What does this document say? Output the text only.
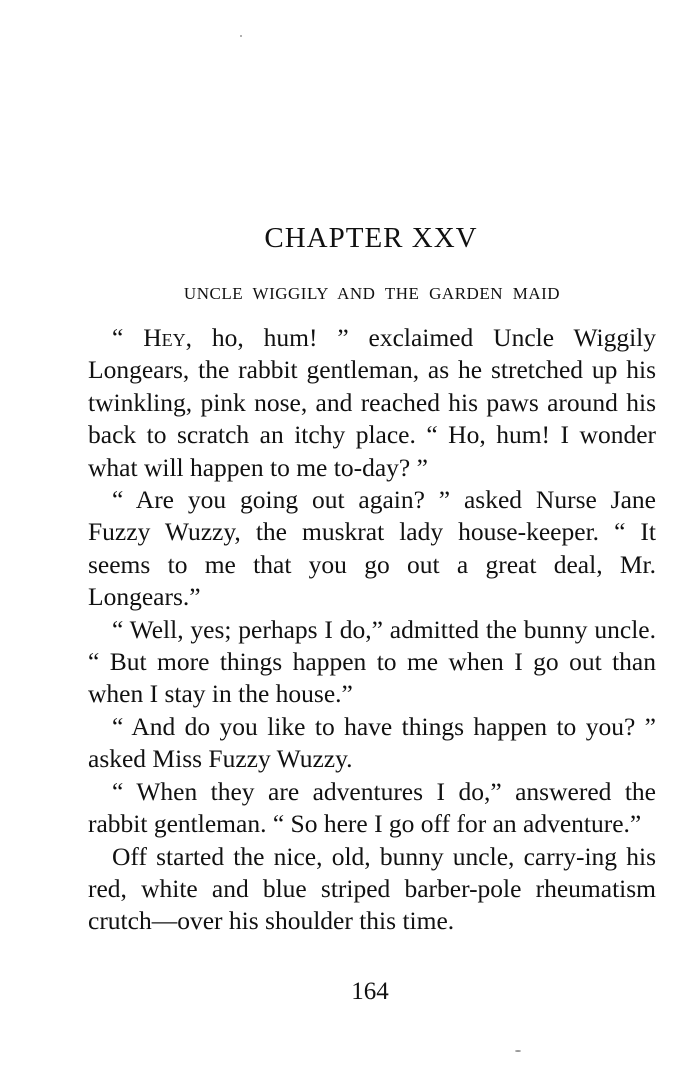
CHAPTER XXV
UNCLE WIGGILY AND THE GARDEN MAID

“ Hey, ho, hum! ” exclaimed Uncle Wiggily Longears, the rabbit gentleman, as he stretched up his twinkling, pink nose, and reached his paws around his back to scratch an itchy place. “ Ho, hum! I wonder what will happen to me to-day? ”

“ Are you going out again? ” asked Nurse Jane Fuzzy Wuzzy, the muskrat lady house-keeper. “ It seems to me that you go out a great deal, Mr. Longears.”

“ Well, yes; perhaps I do,” admitted the bunny uncle. “ But more things happen to me when I go out than when I stay in the house.”

“ And do you like to have things happen to you? ” asked Miss Fuzzy Wuzzy.

“ When they are adventures I do,” answered the rabbit gentleman. “ So here I go off for an adventure.”

Off started the nice, old, bunny uncle, carry-ing his red, white and blue striped barber-pole rheumatism crutch—over his shoulder this time.

164
